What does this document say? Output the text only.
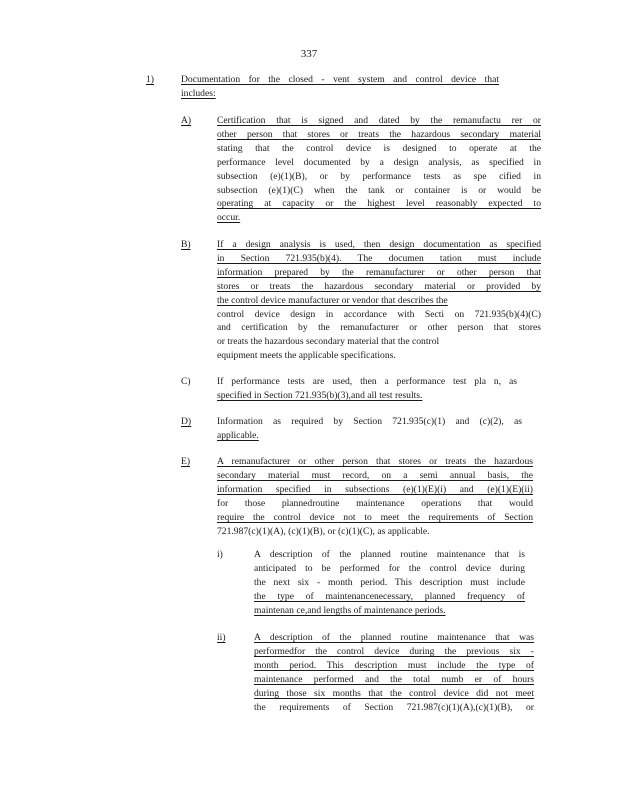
337
1)	Documentation for the closed - vent system and control device that
includes:
A)	Certification that is signed and dated by the remanufactu rer or
other person that stores or treats the hazardous secondary material
stating that the control device is designed to operate at the
performance level documented by a design analysis, as specified in
subsection (e)(1)(B), or by performance tests as spe cified in
subsection (e)(1)(C) when the tank or container is or would be
operating at capacity or the highest level reasonably expected to
occur.
B)	If a design analysis is used, then design documentation as specified
in Section 721.935(b)(4). The documen tation must include
information prepared by the remanufacturer or other person that
stores or treats the hazardous secondary material or provided by
the control device manufacturer or vendor that describes the
control device design in accordance with Secti on 721.935(b)(4)(C)
and certification by the remanufacturer or other person that stores
or treats the hazardous secondary material that the control
equipment meets the applicable specifications.
C)	If performance tests are used, then a performance test pla n, as
specified in Section 721.935(b)(3),and all test results.
D)	Information as required by Section 721.935(c)(1) and (c)(2), as
applicable.
E)	A remanufacturer or other person that stores or treats the hazardous
secondary material must record, on a semi annual basis, the
information specified in subsections (e)(1)(E)(i) and (e)(1)(E)(ii)
for those plannedroutine maintenance operations that would
require the control device not to meet the requirements of Section
721.987(c)(1)(A), (c)(1)(B), or (c)(1)(C), as applicable.
i)	A description of the planned routine maintenance that is
anticipated to be performed for the control device during
the next six - month period. This description must include
the type of maintenancenecessary, planned frequency of
maintenan ce,and lengths of maintenance periods.
ii)	A description of the planned routine maintenance that was
performedfor the control device during the previous six -
month period. This description must include the type of
maintenance performed and the total numb er of hours
during those six months that the control device did not meet
the requirements of Section 721.987(c)(1)(A),(c)(1)(B), or
